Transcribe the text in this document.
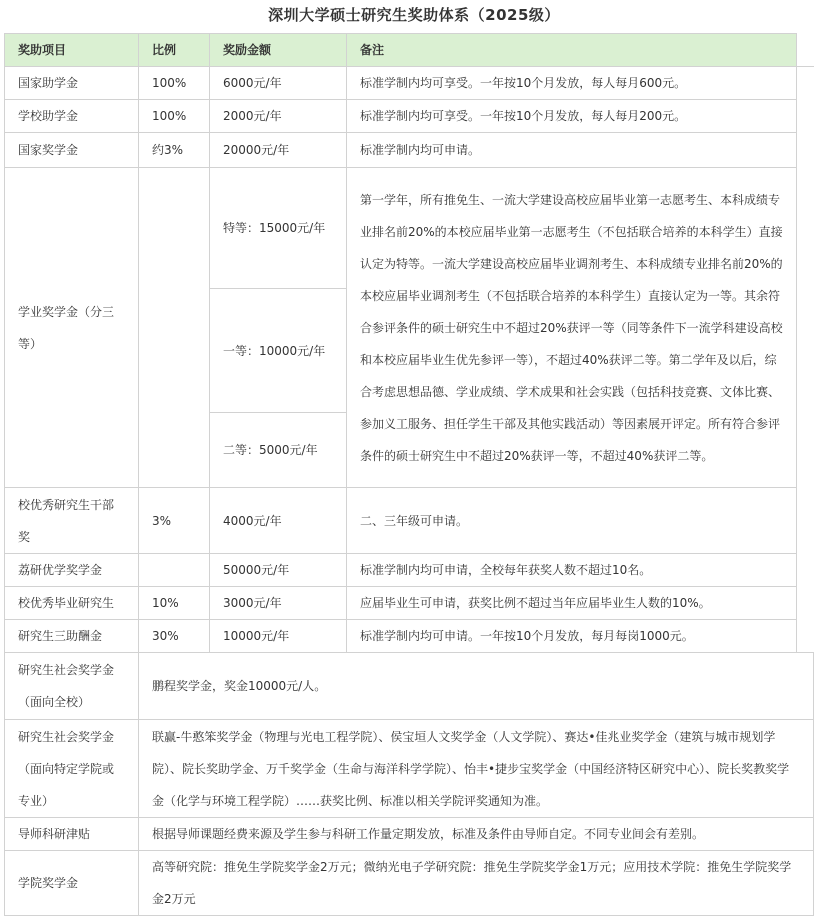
深圳大学硕士研究生奖助体系（2025级）
奖助项目	比例	奖励金额	备注	
国家助学金	100%	6000元/年	标准学制内均可享受。一年按10个月发放，每人每月600元。	
学校助学金	100%	2000元/年	标准学制内均可享受。一年按10个月发放，每人每月200元。	
国家奖学金	约3%	20000元/年	标准学制内均可申请。	
学业奖学金（分三等）		特等：15000元/年	第一学年，所有推免生、一流大学建设高校应届毕业第一志愿考生、本科成绩专业排名前20%的本校应届毕业第一志愿考生（不包括联合培养的本科学生）直接认定为特等。一流大学建设高校应届毕业调剂考生、本科成绩专业排名前20%的本校应届毕业调剂考生（不包括联合培养的本科学生）直接认定为一等。其余符合参评条件的硕士研究生中不超过20%获评一等（同等条件下一流学科建设高校和本校应届毕业生优先参评一等），不超过40%获评二等。第二学年及以后，综合考虑思想品德、学业成绩、学术成果和社会实践（包括科技竞赛、文体比赛、参加义工服务、担任学生干部及其他实践活动）等因素展开评定。所有符合参评条件的硕士研究生中不超过20%获评一等，不超过40%获评二等。	
		一等：10000元/年		
		二等：5000元/年		
校优秀研究生干部奖	3%	4000元/年	二、三年级可申请。	
荔研优学奖学金		50000元/年	标准学制内均可申请，全校每年获奖人数不超过10名。	
校优秀毕业研究生	10%	3000元/年	应届毕业生可申请，获奖比例不超过当年应届毕业生人数的10%。	
研究生三助酬金	30%	10000元/年	标准学制内均可申请。一年按10个月发放，每月每岗1000元。	
研究生社会奖学金（面向全校）	鹏程奖学金，奖金10000元/人。			
研究生社会奖学金（面向特定学院或专业）	联赢-牛憨笨奖学金（物理与光电工程学院）、侯宝垣人文奖学金（人文学院）、赛达•佳兆业奖学金（建筑与城市规划学院）、院长奖助学金、万千奖学金（生命与海洋科学学院）、怡丰•捷步宝奖学金（中国经济特区研究中心）、院长奖教奖学金（化学与环境工程学院）……获奖比例、标准以相关学院评奖通知为准。			
导师科研津贴	根据导师课题经费来源及学生参与科研工作量定期发放，标准及条件由导师自定。不同专业间会有差别。			
学院奖学金	高等研究院：推免生学院奖学金2万元；微纳光电子学研究院：推免生学院奖学金1万元；应用技术学院：推免生学院奖学金2万元			
